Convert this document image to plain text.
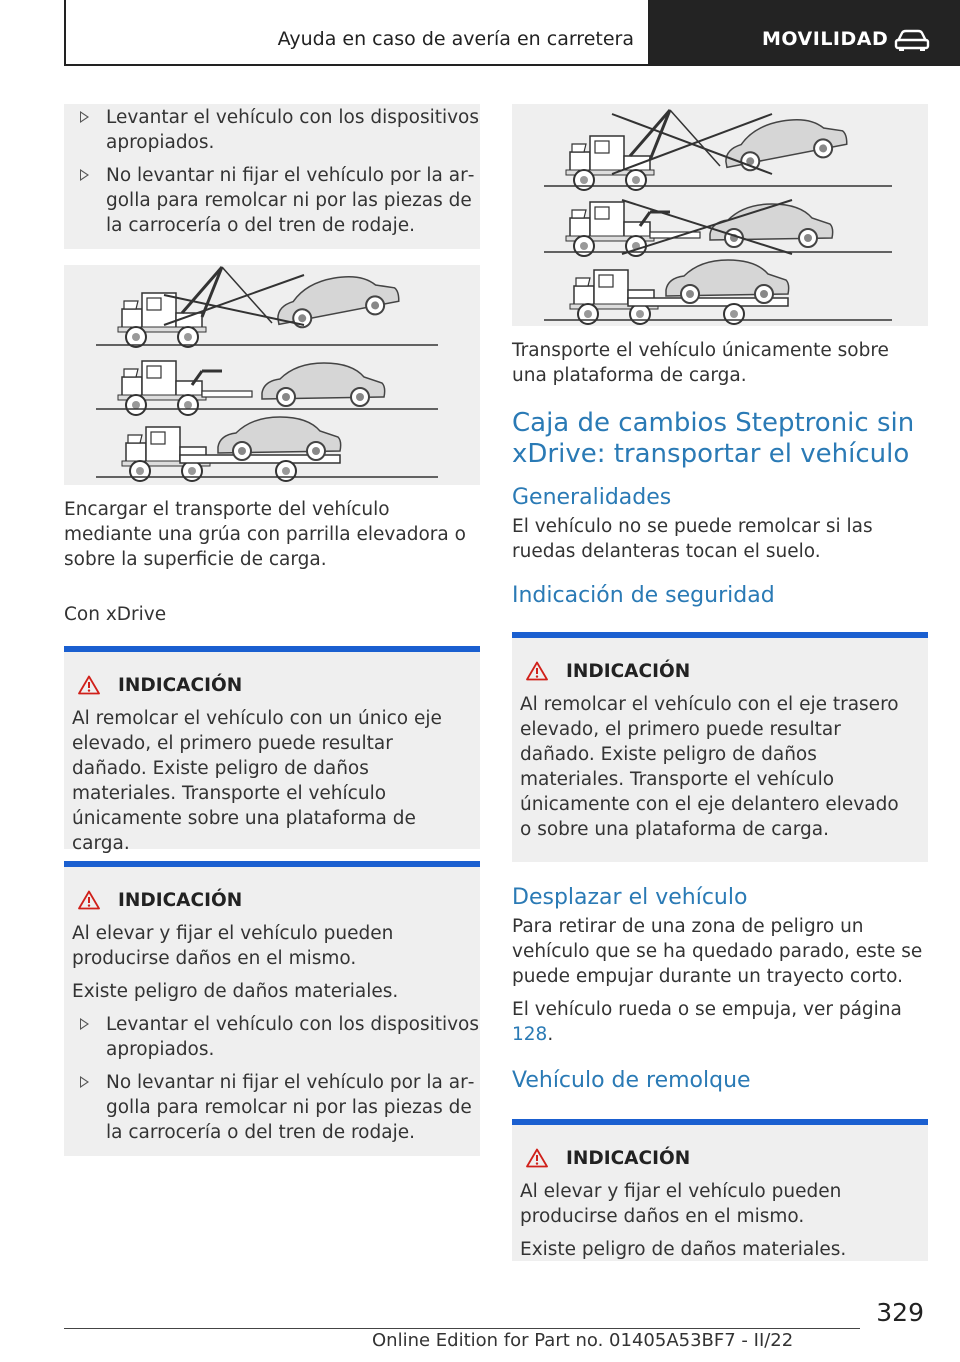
Ayuda en caso de avería en carretera	MOVILIDAD
Levantar el vehículo con los dispositivos apropiados.
No levantar ni fijar el vehículo por la argolla para remolcar ni por las piezas de la carrocería o del tren de rodaje.
Encargar el transporte del vehículo mediante una grúa con parrilla elevadora o sobre la superficie de carga.
Con xDrive
INDICACIÓN
Al remolcar el vehículo con un único eje elevado, el primero puede resultar dañado. Existe peligro de daños materiales. Transporte el vehículo únicamente sobre una plataforma de carga.
INDICACIÓN
Al elevar y fijar el vehículo pueden producirse daños en el mismo.
Existe peligro de daños materiales.
Levantar el vehículo con los dispositivos apropiados.
No levantar ni fijar el vehículo por la argolla para remolcar ni por las piezas de la carrocería o del tren de rodaje.
Transporte el vehículo únicamente sobre una plataforma de carga.
Caja de cambios Steptronic sin xDrive: transportar el vehículo
Generalidades
El vehículo no se puede remolcar si las ruedas delanteras tocan el suelo.
Indicación de seguridad
INDICACIÓN
Al remolcar el vehículo con el eje trasero elevado, el primero puede resultar dañado. Existe peligro de daños materiales. Transporte el vehículo únicamente con el eje delantero elevado o sobre una plataforma de carga.
Desplazar el vehículo
Para retirar de una zona de peligro un vehículo que se ha quedado parado, este se puede empujar durante un trayecto corto.
El vehículo rueda o se empuja, ver página 128.
Vehículo de remolque
INDICACIÓN
Al elevar y fijar el vehículo pueden producirse daños en el mismo.
Existe peligro de daños materiales.
329
Online Edition for Part no. 01405A53BF7 - II/22
